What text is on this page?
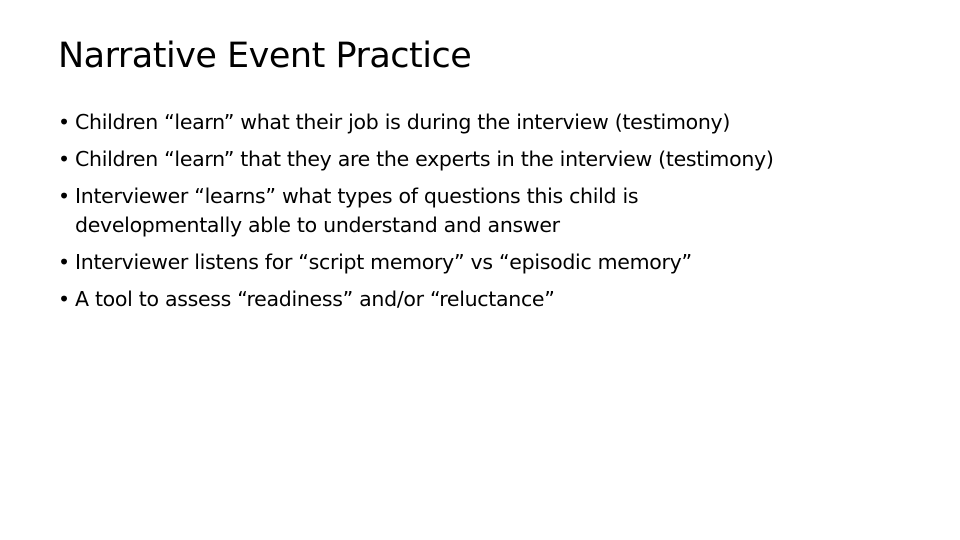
Narrative Event Practice
• Children “learn” what their job is during the interview (testimony)
• Children “learn” that they are the experts in the interview (testimony)
• Interviewer “learns” what types of questions this child is
developmentally able to understand and answer
• Interviewer listens for “script memory” vs “episodic memory”
• A tool to assess “readiness” and/or “reluctance”
